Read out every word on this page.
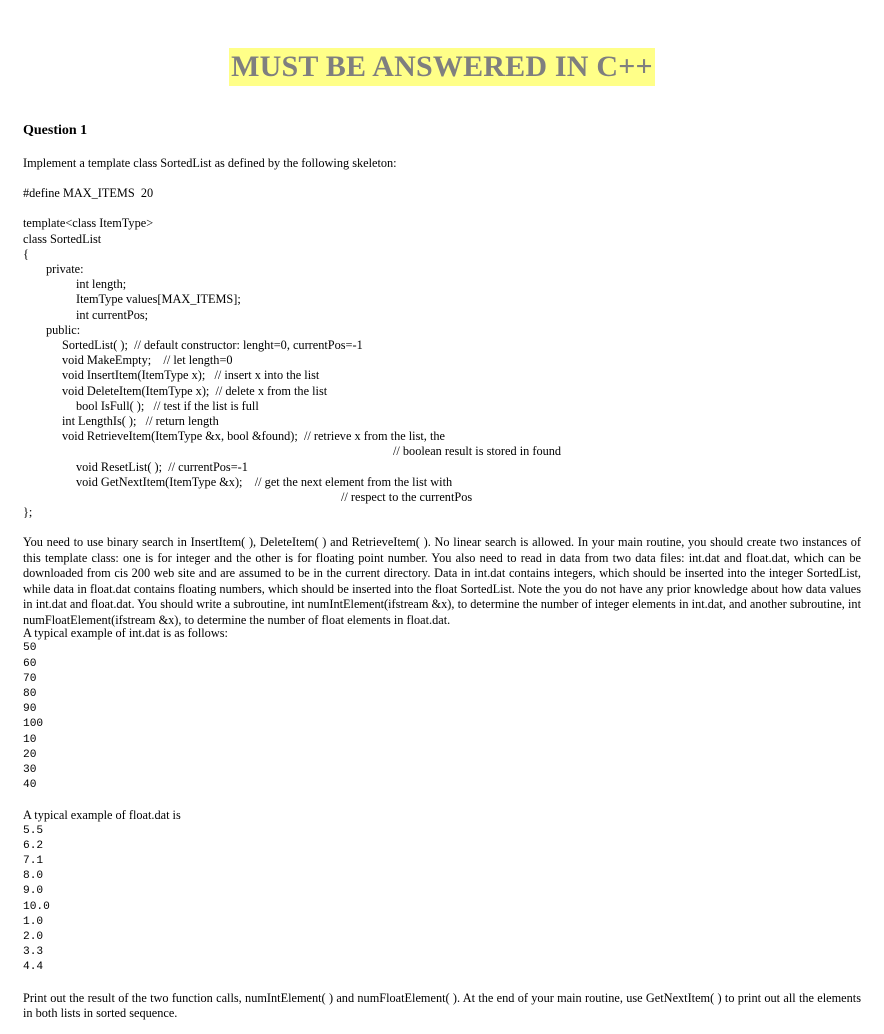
MUST BE ANSWERED IN C++

Question 1

Implement a template class SortedList as defined by the following skeleton:
#define MAX_ITEMS  20
template<class ItemType>
class SortedList
{
private:
int length;
ItemType values[MAX_ITEMS];
int currentPos;
public:
SortedList( );  // default constructor: lenght=0, currentPos=-1
void MakeEmpty;    // let length=0
void InsertItem(ItemType x);   // insert x into the list
void DeleteItem(ItemType x);  // delete x from the list
bool IsFull( );   // test if the list is full
int LengthIs( );   // return length
void RetrieveItem(ItemType &x, bool &found);  // retrieve x from the list, the
// boolean result is stored in found
void ResetList( );  // currentPos=-1
void GetNextItem(ItemType &x);    // get the next element from the list with
// respect to the currentPos
};

You need to use binary search in InsertItem( ), DeleteItem( ) and RetrieveItem( ). No linear search is allowed. In your main routine, you should create two instances of this template class: one is for integer and the other is for floating point number. You also need to read in data from two data files: int.dat and float.dat, which can be downloaded from cis 200 web site and are assumed to be in the current directory. Data in int.dat contains integers, which should be inserted into the integer SortedList, while data in float.dat contains floating numbers, which should be inserted into the float SortedList. Note the you do not have any prior knowledge about how data values in int.dat and float.dat. You should write a subroutine, int numIntElement(ifstream &x), to determine the number of integer elements in int.dat, and another subroutine, int numFloatElement(ifstream &x), to determine the number of float elements in float.dat.

A typical example of int.dat is as follows:
50
60
70
80
90
100
10
20
30
40
A typical example of float.dat is
5.5
6.2
7.1
8.0
9.0
10.0
1.0
2.0
3.3
4.4

Print out the result of the two function calls, numIntElement( ) and numFloatElement( ). At the end of your main routine, use GetNextItem( ) to print out all the elements in both lists in sorted sequence.
